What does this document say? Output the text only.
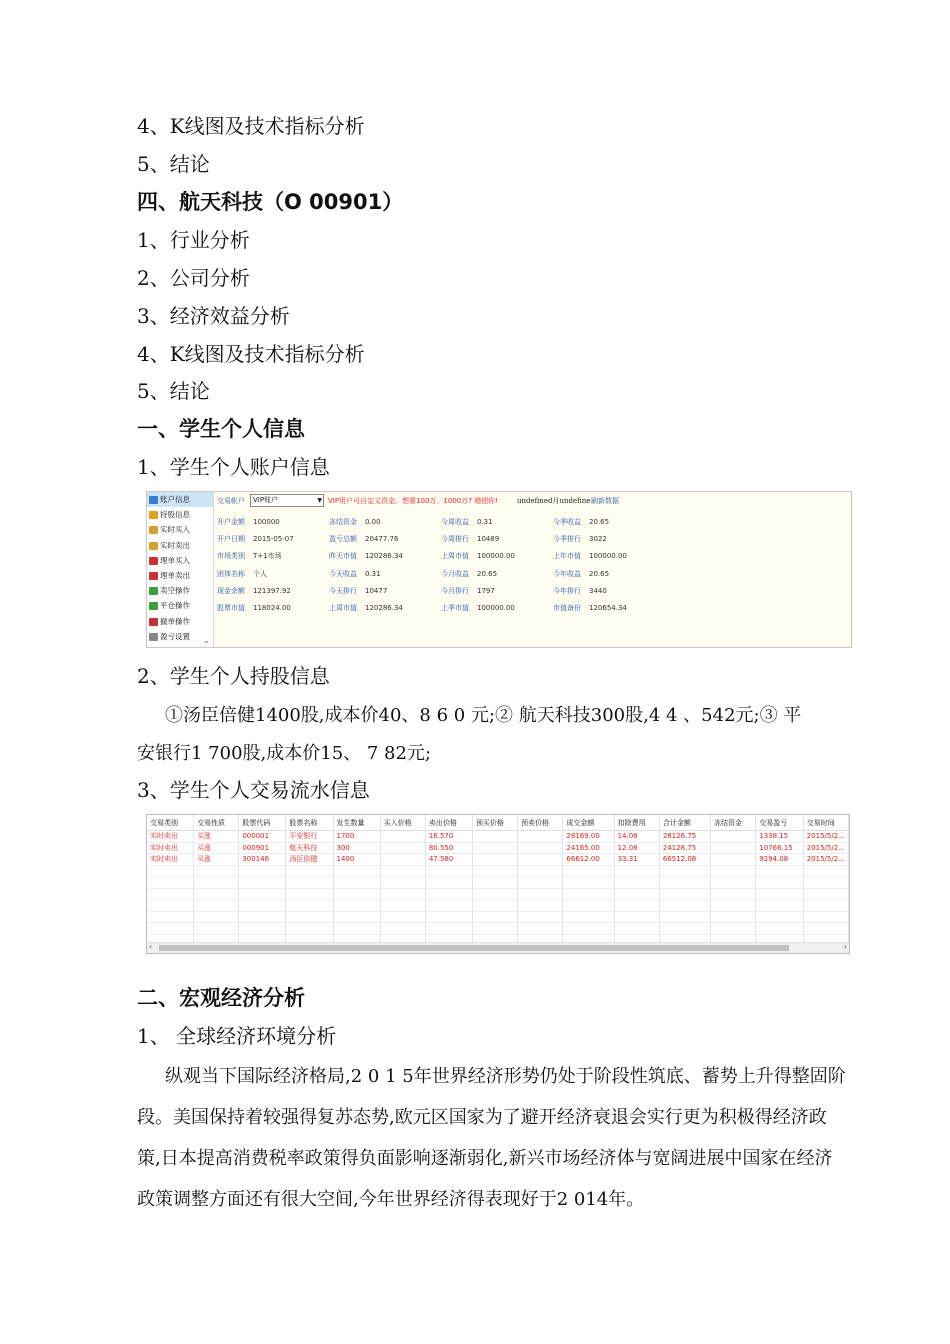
4、K线图及技术指标分析
5、结论
四、航天科技（O 00901）
1、行业分析
2、公司分析
3、经济效益分析
4、K线图及技术指标分析
5、结论
一、学生个人信息
1、学生个人账户信息
账户信息
持股信息
实时买入
实时卖出
理单买入
理单卖出
卖空操作
平仓操作
撤单操作
盈亏设置	⌄
交易帐户	VIP账户	▼ VIP用户可自定义资金。想要100万、1000万? 赠便你!	undefined月undefine 刷新数据
开户金额 100000	冻结资金 0.00	今周收益 0.31	今季收益 20.65
开户日期 2015-05-07	盈亏总额 20477.76	今周排行 10489	今季排行 3022
市场类别 T+1市场	昨天市值 120286.34	上周市值 100000.00	上年市值 100000.00
团体名称 个人	今天收益 0.31	今月收益 20.65	今年收益 20.65
现金余额 121397.92	今天排行 10477	今月排行 1797	今年排行 3440
股票市值 118024.00	上周市值 120286.34	上季市值 100000.00	市值备份 120654.34
2、学生个人持股信息
①汤臣倍健1400股,成本价40、8 6 0 元;② 航天科技300股,4 4 、542元;③ 平
安银行1 700股,成本价15、 7 82元;
3、学生个人交易流水信息
交易类别	交易性质	股票代码	股票名称	发生数量	买入价格	卖出价格	预买价格	预卖价格	成交金额	扣除费用	合计金额	冻结资金	交易盈亏	交易时间
实时卖出	买涨	000001	平安银行	1700		16.570			28169.00	14.08	28126.75		1338.15	2015/5/2...
实时卖出	买涨	000901	航天科技	300		80.550			24165.00	12.08	24128.75		10766.15	2015/5/2...
实时卖出	买涨	300146	汤臣倍健	1400		47.580			66612.00	33.31	66512.08		9294.08	2015/5/2...

‹	›
二、宏观经济分析
1、 全球经济环境分析
纵观当下国际经济格局,2 0 1 5年世界经济形势仍处于阶段性筑底、蓄势上升得整固阶段。美国保持着较强得复苏态势,欧元区国家为了避开经济衰退会实行更为积极得经济政策,日本提高消费税率政策得负面影响逐渐弱化,新兴市场经济体与宽阔进展中国家在经济政策调整方面还有很大空间,今年世界经济得表现好于2 014年。
